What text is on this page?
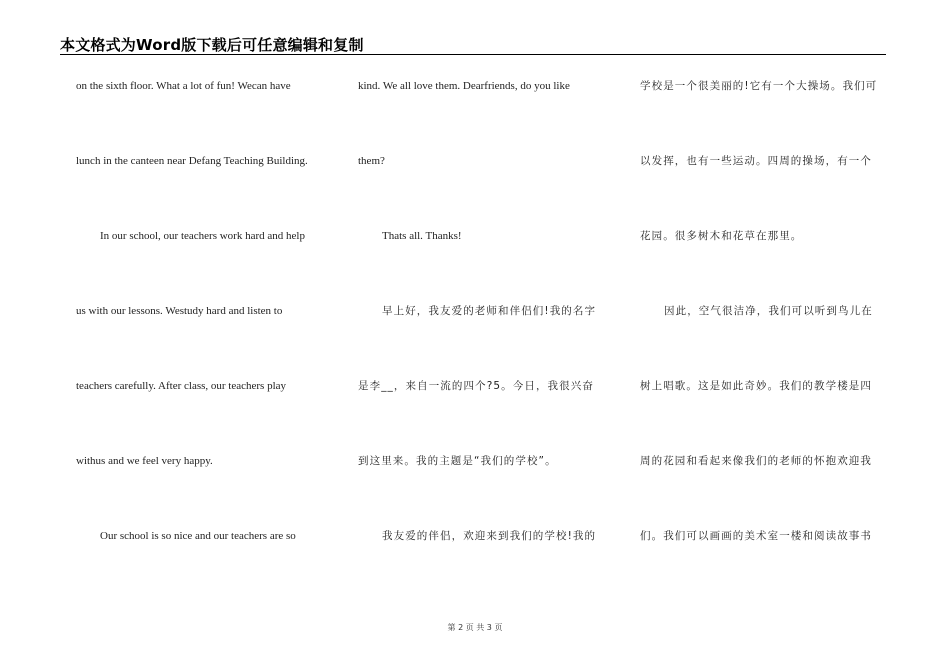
本文格式为Word版下载后可任意编辑和复制
on the sixth floor. What a lot of fun! Wecan have
lunch in the canteen near Defang Teaching Building.
In our school, our teachers work hard and help
us with our lessons. Westudy hard and listen to
teachers carefully. After class, our teachers play
withus and we feel very happy.
Our school is so nice and our teachers are so
kind. We all love them. Dearfriends, do you like
them?
Thats all. Thanks!
早上好，我友爱的老师和伴侣们!我的名字
是李__，来自一流的四个?5。今日，我很兴奋
到这里来。我的主题是“我们的学校”。
我友爱的伴侣，欢迎来到我们的学校!我的
学校是一个很美丽的!它有一个大操场。我们可
以发挥，也有一些运动。四周的操场，有一个
花园。很多树木和花草在那里。
因此，空气很洁净，我们可以听到鸟儿在
树上唱歌。这是如此奇妙。我们的教学楼是四
周的花园和看起来像我们的老师的怀抱欢迎我
们。我们可以画画的美术室一楼和阅读故事书
第 2 页 共 3 页
